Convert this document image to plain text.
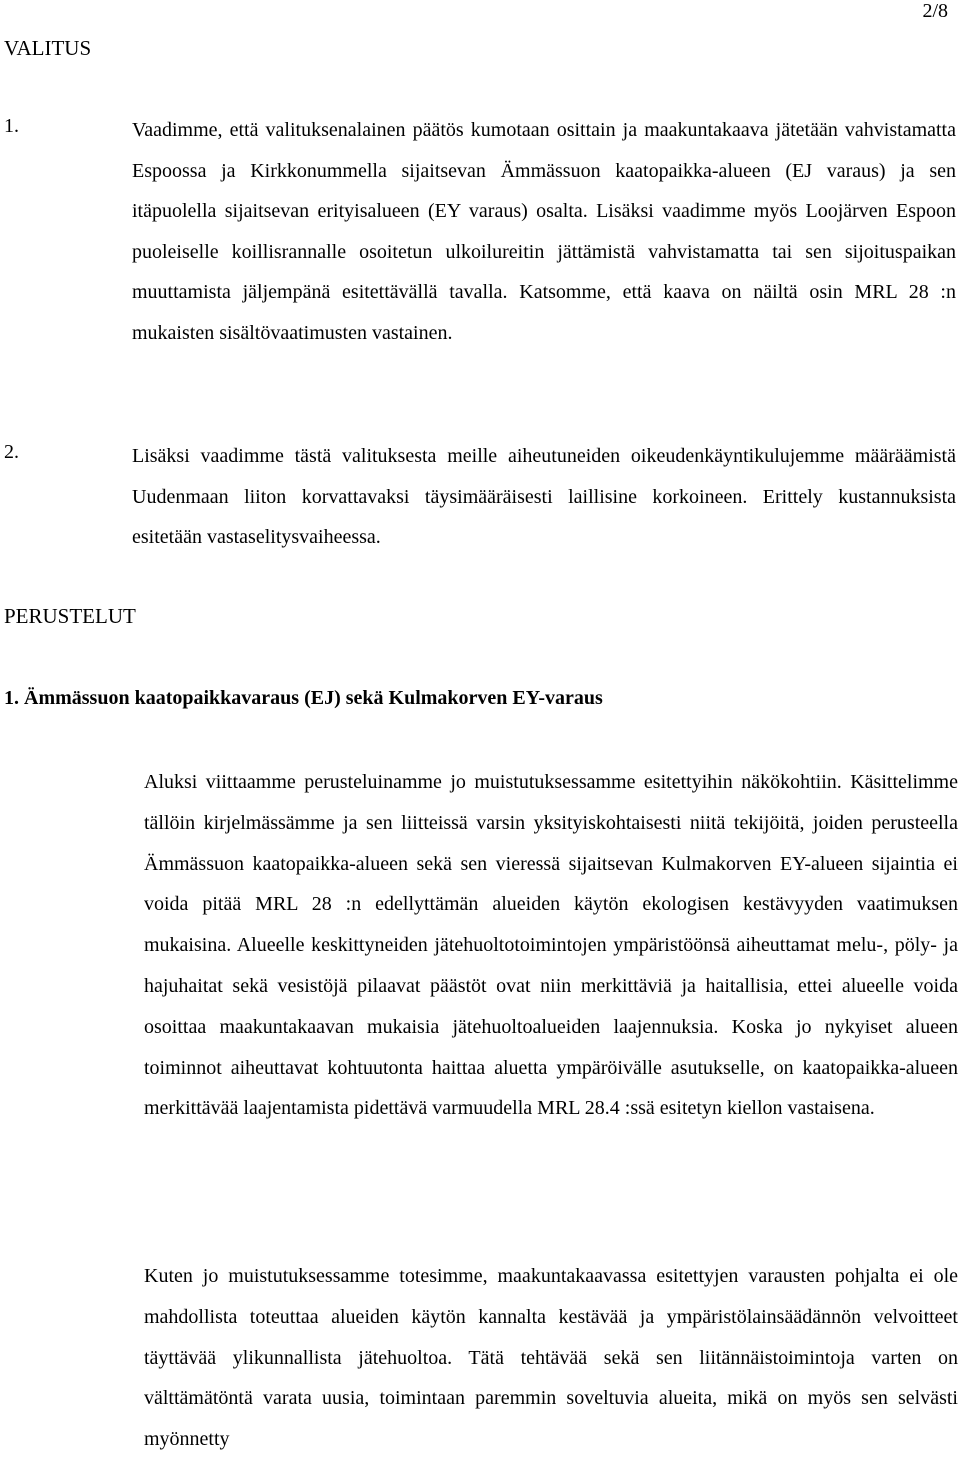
2/8
VALITUS
1.	Vaadimme, että valituksenalainen päätös kumotaan osittain ja maakuntakaava jätetään vahvistamatta Espoossa ja Kirkkonummella sijaitsevan Ämmässuon kaatopaikka-alueen (EJ varaus) ja sen itäpuolella sijaitsevan erityisalueen (EY varaus) osalta. Lisäksi vaadimme myös Loojärven Espoon puoleiselle koillisrannalle osoitetun ulkoilureitin jättämistä vahvistamatta tai sen sijoituspaikan muuttamista jäljempänä esitettävällä tavalla. Katsomme, että kaava on näiltä osin MRL 28 :n mukaisten sisältövaatimusten vastainen.
2.	Lisäksi vaadimme tästä valituksesta meille aiheutuneiden oikeudenkäyntikulujemme määräämistä Uudenmaan liiton korvattavaksi täysimääräisesti laillisine korkoineen. Erittely kustannuksista esitetään vastaselitysvaiheessa.
PERUSTELUT
1. Ämmässuon kaatopaikkavaraus (EJ) sekä Kulmakorven EY-varaus
Aluksi viittaamme perusteluinamme jo muistutuksessamme esitettyihin näkökohtiin. Käsittelimme tällöin kirjelmässämme ja sen liitteissä varsin yksityiskohtaisesti niitä tekijöitä, joiden perusteella Ämmässuon kaatopaikka-alueen sekä sen vieressä sijaitsevan Kulmakorven EY-alueen sijaintia ei voida pitää MRL 28 :n edellyttämän alueiden käytön ekologisen kestävyyden vaatimuksen mukaisina. Alueelle keskittyneiden jätehuoltotoimintojen ympäristöönsä aiheuttamat melu-, pöly- ja hajuhaitat sekä vesistöjä pilaavat päästöt ovat niin merkittäviä ja haitallisia, ettei alueelle voida osoittaa maakuntakaavan mukaisia jätehuoltoalueiden laajennuksia. Koska jo nykyiset alueen toiminnot aiheuttavat kohtuutonta haittaa aluetta ympäröivälle asutukselle, on kaatopaikka-alueen merkittävää laajentamista pidettävä varmuudella MRL 28.4 :ssä esitetyn kiellon vastaisena.
Kuten jo muistutuksessamme totesimme, maakuntakaavassa esitettyjen varausten pohjalta ei ole mahdollista toteuttaa alueiden käytön kannalta kestävää ja ympäristölainsäädännön velvoitteet täyttävää ylikunnallista jätehuoltoa. Tätä tehtävää sekä sen liitännäistoimintoja varten on välttämätöntä varata uusia, toimintaan paremmin soveltuvia alueita, mikä on myös sen selvästi myönnetty
